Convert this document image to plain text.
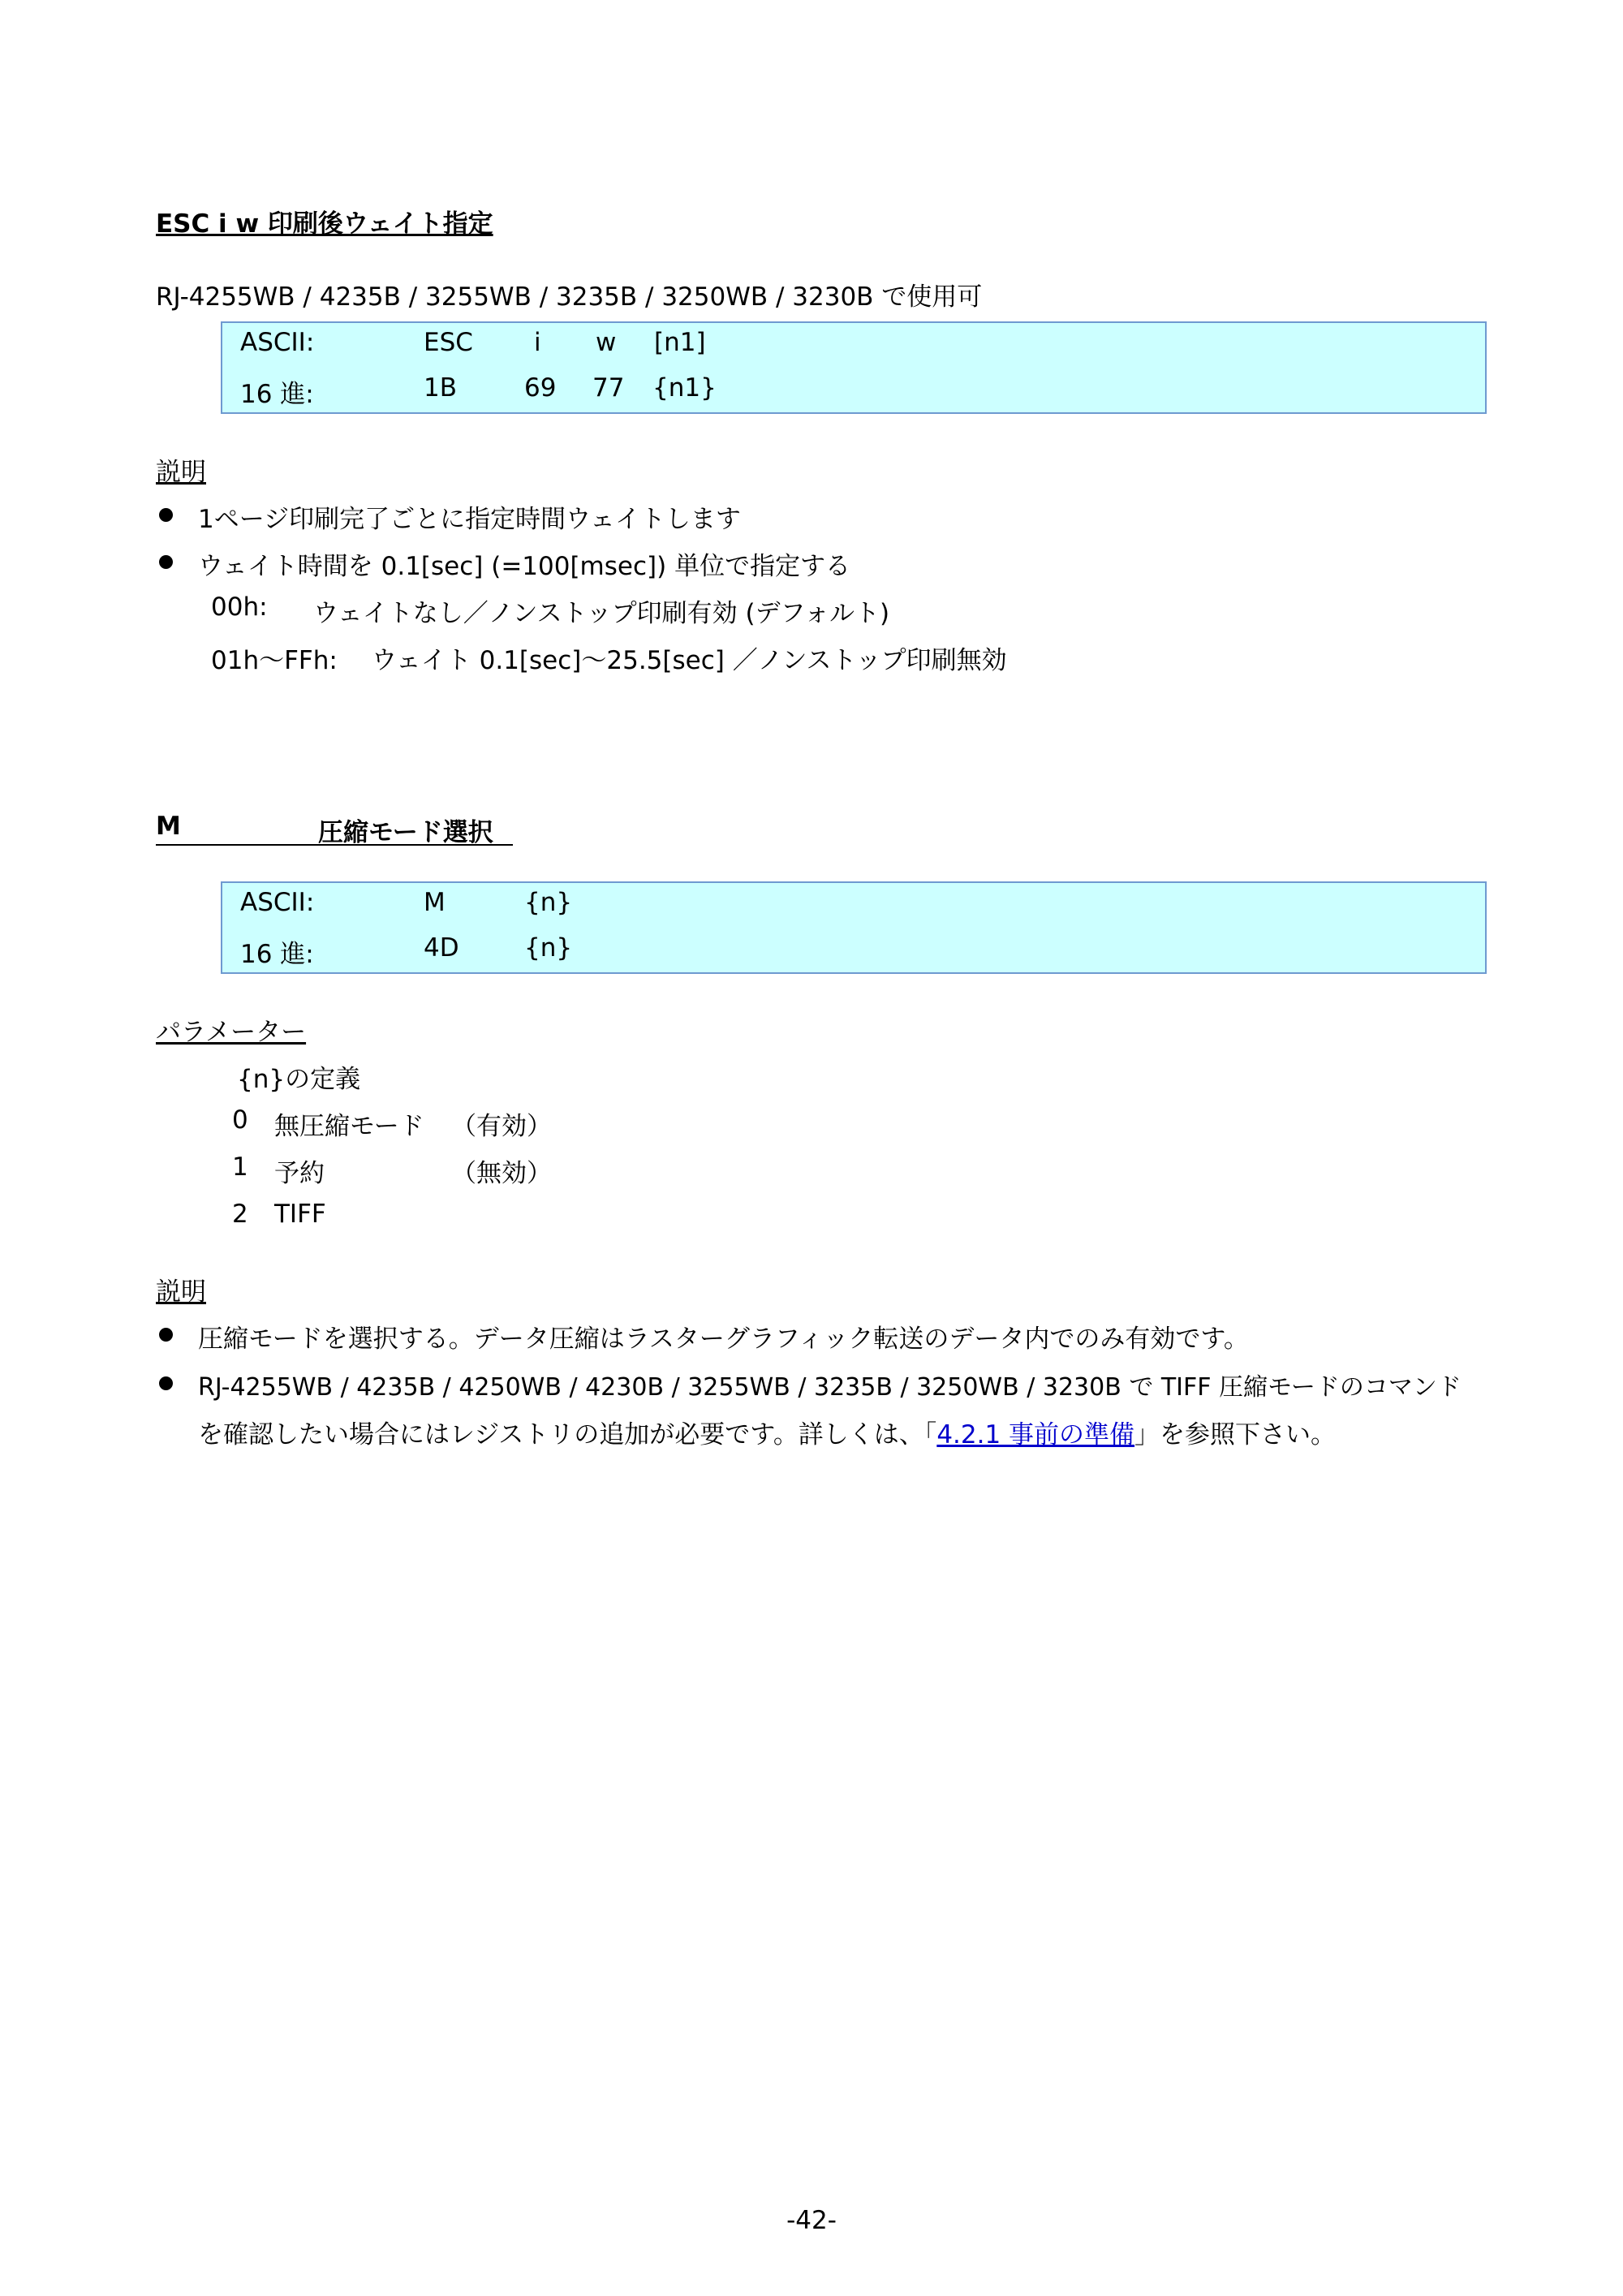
ESC i w 印刷後ウェイト指定
RJ-4255WB / 4235B / 3255WB / 3235B / 3250WB / 3230B で使用可
ASCII:	ESC i w [n1]
16 進:	1B	69 77 {n1}
説明
1ページ印刷完了ごとに指定時間ウェイトします
ウェイト時間を 0.1[sec] (=100[msec]) 単位で指定する
00h: ウェイトなし／ノンストップ印刷有効 (デフォルト)
01h～FFh: ウェイト 0.1[sec]～25.5[sec] ／ノンストップ印刷無効
M	圧縮モード選択
ASCII:	M	{n}
16 進:	4D	{n}
パラメーター
{n}の定義
0 無圧縮モード （有効）
1 予約	（無効）
2 TIFF
説明
圧縮モードを選択する。データ圧縮はラスターグラフィック転送のデータ内でのみ有効です。
RJ-4255WB / 4235B / 4250WB / 4230B / 3255WB / 3235B / 3250WB / 3230B で TIFF 圧縮モードのコマンド
を確認したい場合にはレジストリの追加が必要です。詳しくは、「4.2.1 事前の準備」を参照下さい。
-42-
